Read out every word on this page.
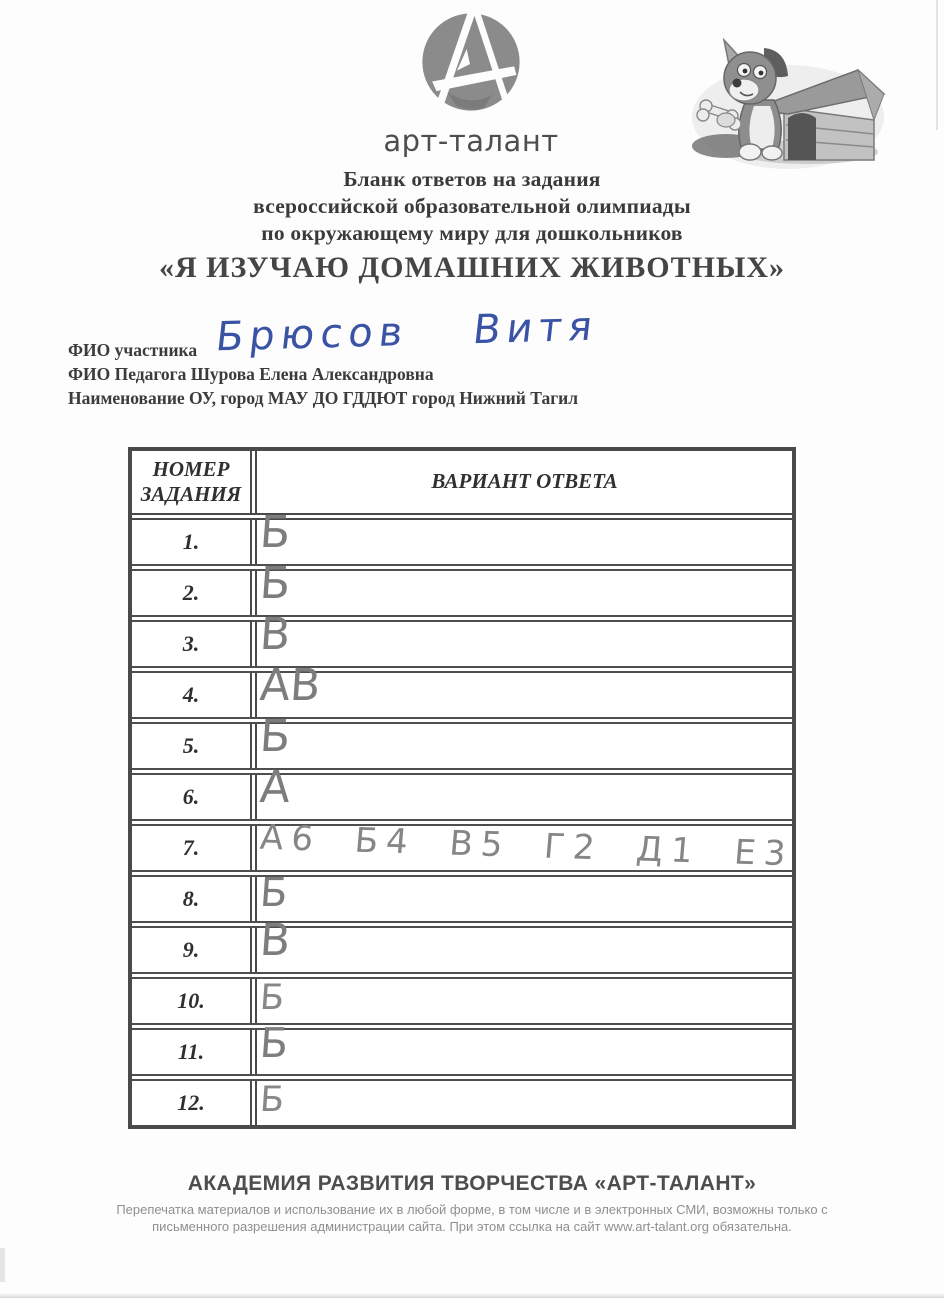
арт-талант
Бланк ответов на задания
всероссийской образовательной олимпиады
по окружающему миру для дошкольников
«Я ИЗУЧАЮ ДОМАШНИХ ЖИВОТНЫХ»
ФИО участника Брюсов Витя
ФИО Педагога Шурова Елена Александровна
Наименование ОУ, город МАУ ДО ГДДЮТ город Нижний Тагил
НОМЕР ЗАДАНИЯ
ВАРИАНТ ОТВЕТА
1.	Б
2.	Б
3.	В
4.	АВ
5.	Б
6.	А
7.	А6 Б4 В5 Г2 Д1 Е3
8.	Б
9.	В
10.	Б
11.	Б
12.	Б
АКАДЕМИЯ РАЗВИТИЯ ТВОРЧЕСТВА «АРТ-ТАЛАНТ»
Перепечатка материалов и использование их в любой форме, в том числе и в электронных СМИ, возможны только с
письменного разрешения администрации сайта. При этом ссылка на сайт www.art-talant.org обязательна.
